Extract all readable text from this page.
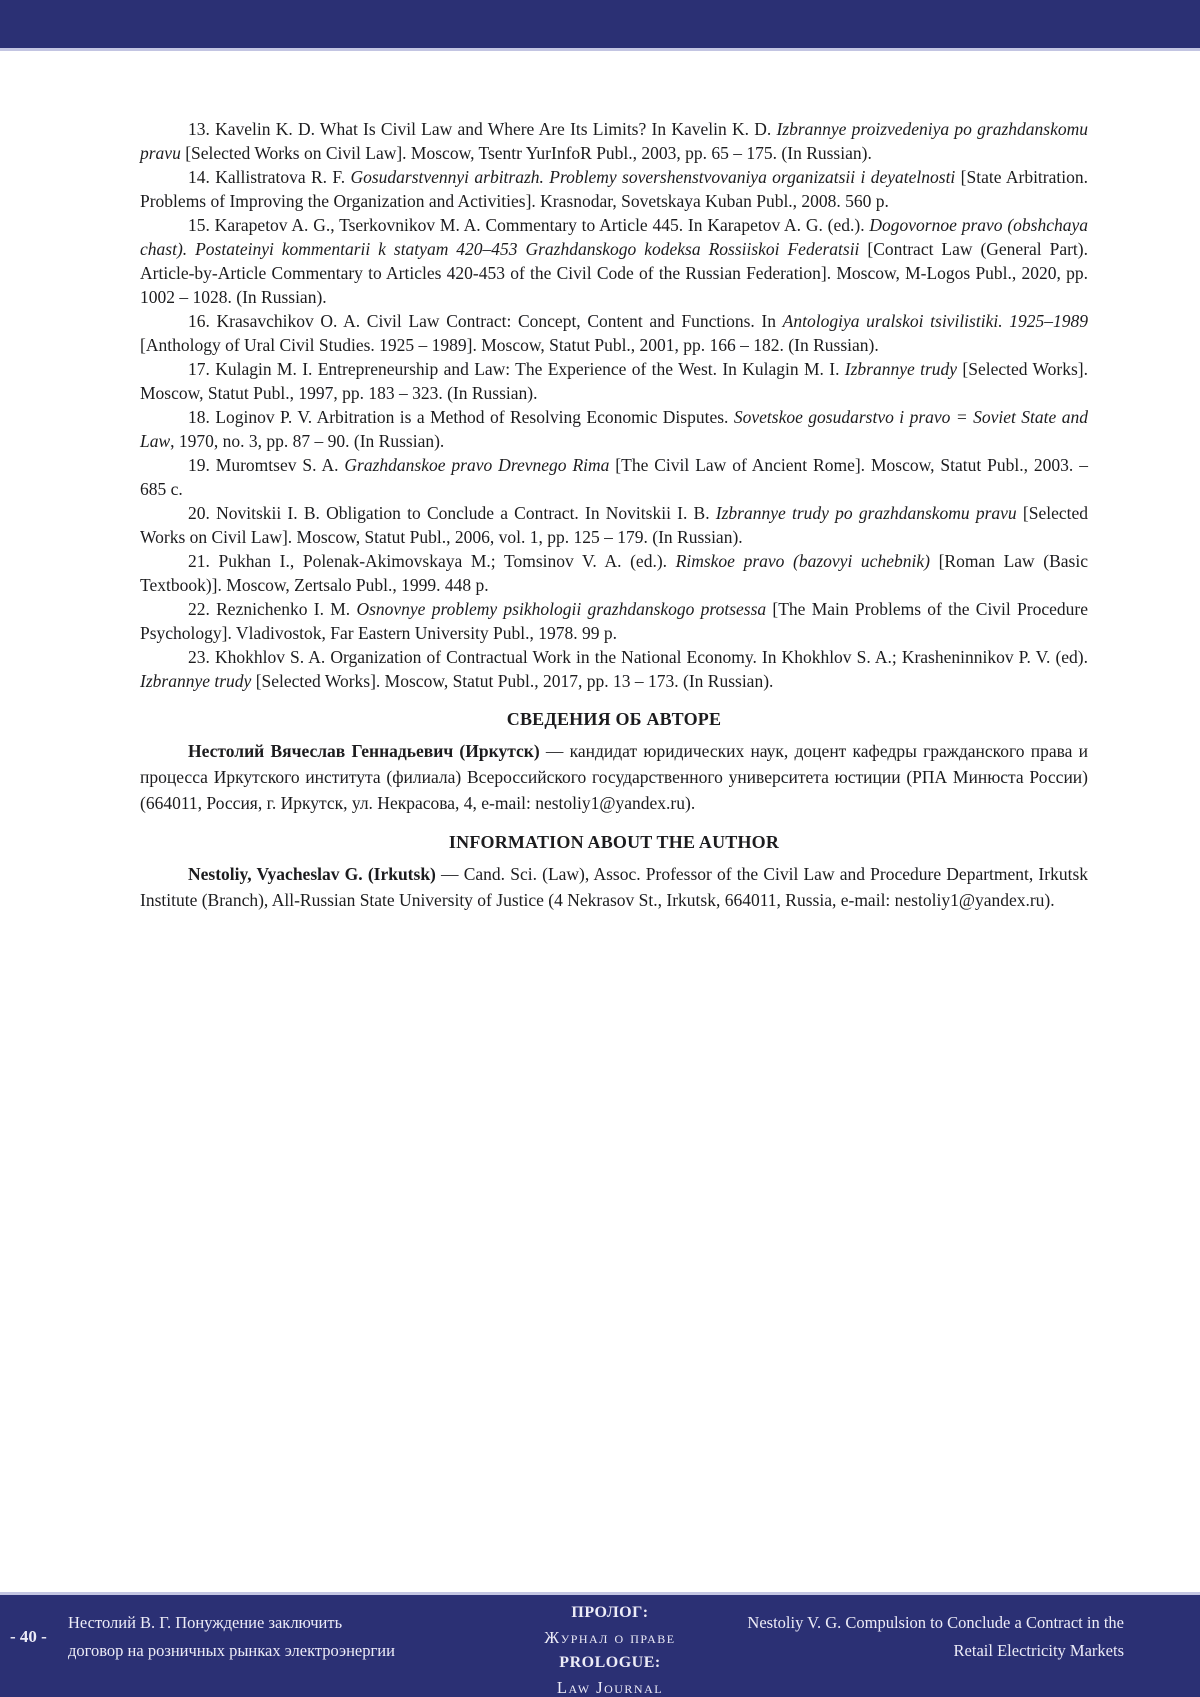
13. Kavelin K. D. What Is Civil Law and Where Are Its Limits? In Kavelin K. D. Izbrannye proizvedeniya po grazhdanskomu pravu [Selected Works on Civil Law]. Moscow, Tsentr YurInfoR Publ., 2003, pp. 65 – 175. (In Russian).

14. Kallistratova R. F. Gosudarstvennyi arbitrazh. Problemy sovershenstvovaniya organizatsii i deyatelnosti [State Arbitration. Problems of Improving the Organization and Activities]. Krasnodar, Sovetskaya Kuban Publ., 2008. 560 p.

15. Karapetov A. G., Tserkovnikov M. A. Commentary to Article 445. In Karapetov A. G. (ed.). Dogovornoe pravo (obshchaya chast). Postateinyi kommentarii k statyam 420–453 Grazhdanskogo kodeksa Rossiiskoi Federatsii [Contract Law (General Part). Article-by-Article Commentary to Articles 420-453 of the Civil Code of the Russian Federation]. Moscow, M-Logos Publ., 2020, pp. 1002 – 1028. (In Russian).

16. Krasavchikov O. A. Civil Law Contract: Concept, Content and Functions. In Antologiya uralskoi tsivilistiki. 1925–1989 [Anthology of Ural Civil Studies. 1925 – 1989]. Moscow, Statut Publ., 2001, pp. 166 – 182. (In Russian).

17. Kulagin M. I. Entrepreneurship and Law: The Experience of the West. In Kulagin M. I. Izbrannye trudy [Selected Works]. Moscow, Statut Publ., 1997, pp. 183 – 323. (In Russian).

18. Loginov P. V. Arbitration is a Method of Resolving Economic Disputes. Sovetskoe gosudarstvo i pravo = Soviet State and Law, 1970, no. 3, pp. 87 – 90. (In Russian).

19. Muromtsev S. A. Grazhdanskoe pravo Drevnego Rima [The Civil Law of Ancient Rome]. Moscow, Statut Publ., 2003. – 685 с.

20. Novitskii I. B. Obligation to Conclude a Contract. In Novitskii I. B. Izbrannye trudy po grazhdanskomu pravu [Selected Works on Civil Law]. Moscow, Statut Publ., 2006, vol. 1, pp. 125 – 179. (In Russian).

21. Pukhan I., Polenak-Akimovskaya M.; Tomsinov V. A. (ed.). Rimskoe pravo (bazovyi uchebnik) [Roman Law (Basic Textbook)]. Moscow, Zertsalo Publ., 1999. 448 p.

22. Reznichenko I. M. Osnovnye problemy psikhologii grazhdanskogo protsessa [The Main Problems of the Civil Procedure Psychology]. Vladivostok, Far Eastern University Publ., 1978. 99 p.

23. Khokhlov S. A. Organization of Contractual Work in the National Economy. In Khokhlov S. A.; Krasheninnikov P. V. (ed). Izbrannye trudy [Selected Works]. Moscow, Statut Publ., 2017, pp. 13 – 173. (In Russian).

СВЕДЕНИЯ ОБ АВТОРЕ

Нестолий Вячеслав Геннадьевич (Иркутск) — кандидат юридических наук, доцент кафедры гражданского права и процесса Иркутского института (филиала) Всероссийского государственного университета юстиции (РПА Минюста России) (664011, Россия, г. Иркутск, ул. Некрасова, 4, e-mail: nestoliy1@yandex.ru).

INFORMATION ABOUT THE AUTHOR

Nestoliy, Vyacheslav G. (Irkutsk) — Cand. Sci. (Law), Assoc. Professor of the Civil Law and Procedure Department, Irkutsk Institute (Branch), All-Russian State University of Justice (4 Nekrasov St., Irkutsk, 664011, Russia, e-mail: nestoliy1@yandex.ru).

- 40 -
Нестолий В. Г. Понуждение заключить договор на розничных рынках электроэнергии
ПРОЛОГ:
Журнал о праве
PROLOGUE:
Law Journal
Nestoliy V. G. Compulsion to Conclude a Contract in the Retail Electricity Markets
